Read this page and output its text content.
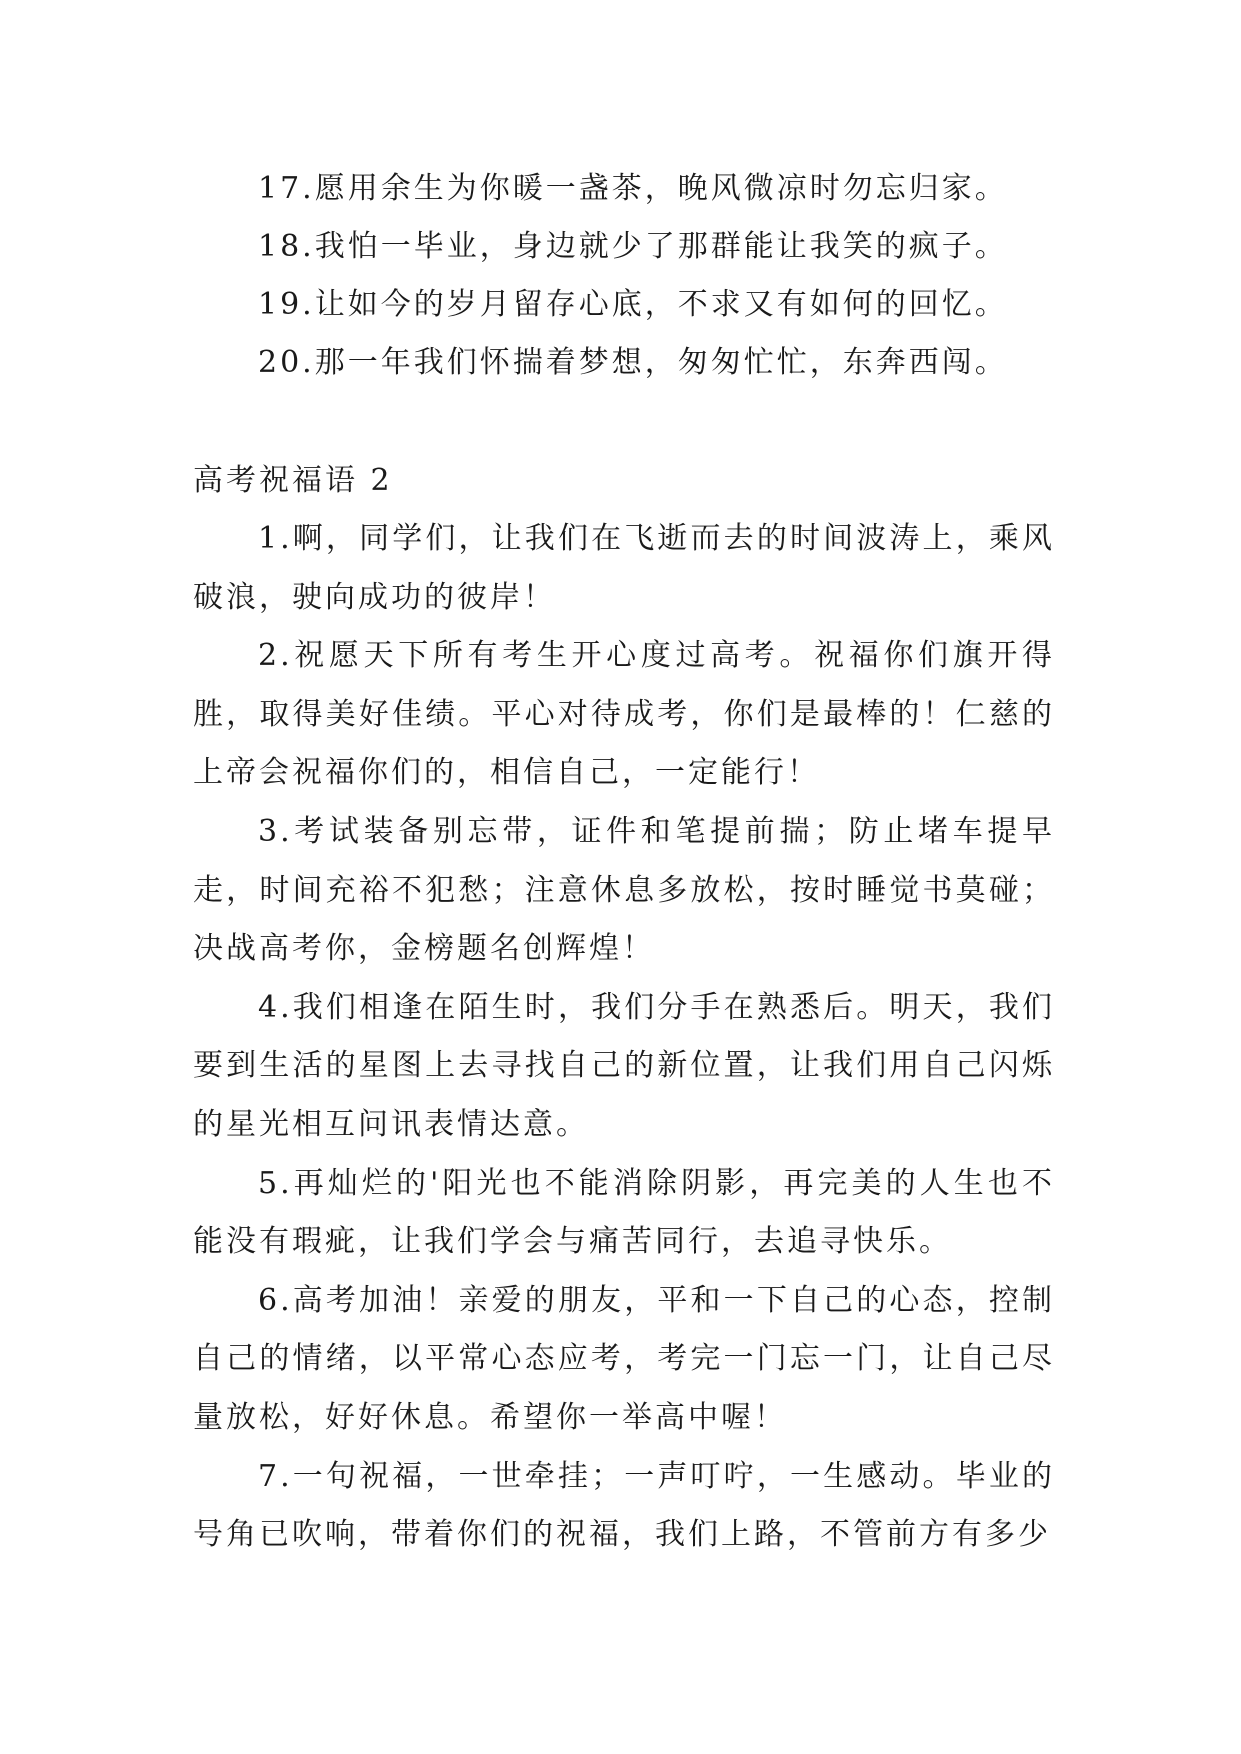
17.愿用余生为你暖一盏茶，晚风微凉时勿忘归家。
18.我怕一毕业，身边就少了那群能让我笑的疯子。
19.让如今的岁月留存心底，不求又有如何的回忆。
20.那一年我们怀揣着梦想，匆匆忙忙，东奔西闯。
高考祝福语 2

1.啊，同学们，让我们在飞逝而去的时间波涛上，乘风破浪，驶向成功的彼岸！

2.祝愿天下所有考生开心度过高考。祝福你们旗开得胜，取得美好佳绩。平心对待成考，你们是最棒的！仁慈的上帝会祝福你们的，相信自己，一定能行！

3.考试装备别忘带，证件和笔提前揣；防止堵车提早走，时间充裕不犯愁；注意休息多放松，按时睡觉书莫碰；决战高考你，金榜题名创辉煌！

4.我们相逢在陌生时，我们分手在熟悉后。明天，我们要到生活的星图上去寻找自己的新位置，让我们用自己闪烁的星光相互问讯表情达意。

5.再灿烂的'阳光也不能消除阴影，再完美的人生也不能没有瑕疵，让我们学会与痛苦同行，去追寻快乐。

6.高考加油！亲爱的朋友，平和一下自己的心态，控制自己的情绪，以平常心态应考，考完一门忘一门，让自己尽量放松，好好休息。希望你一举高中喔！

7.一句祝福，一世牵挂；一声叮咛，一生感动。毕业的号角已吹响，带着你们的祝福，我们上路，不管前方有多少
